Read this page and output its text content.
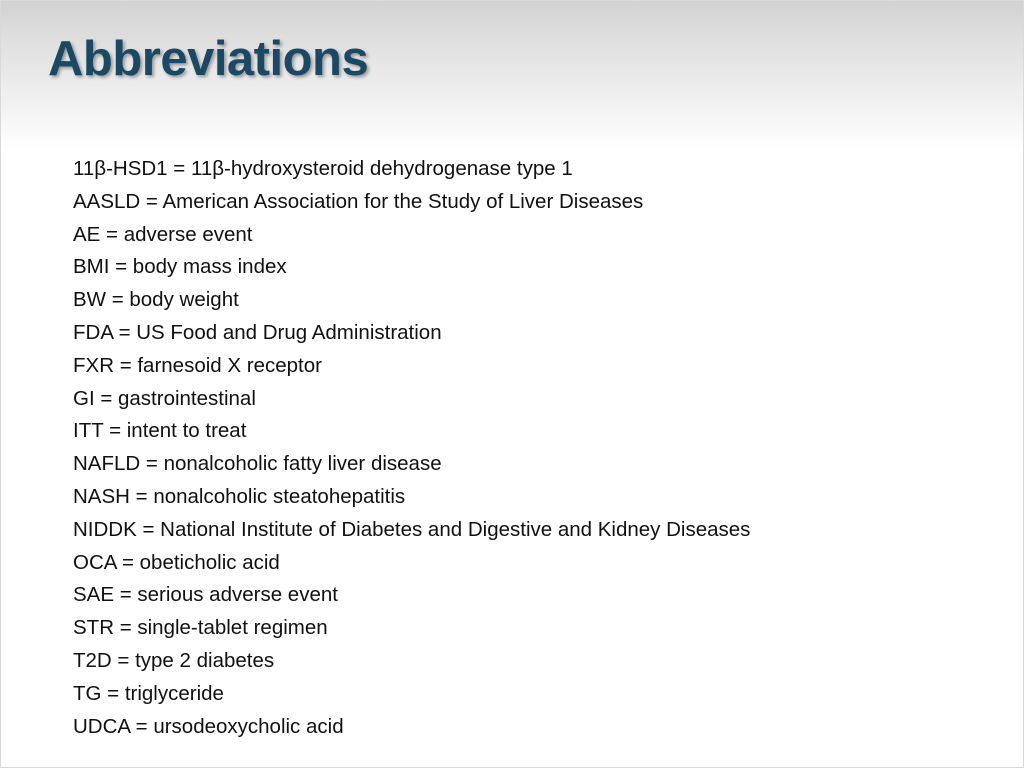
Abbreviations
11β-HSD1 = 11β-hydroxysteroid dehydrogenase type 1
AASLD = American Association for the Study of Liver Diseases
AE = adverse event
BMI = body mass index
BW = body weight
FDA = US Food and Drug Administration
FXR = farnesoid X receptor
GI = gastrointestinal
ITT = intent to treat
NAFLD = nonalcoholic fatty liver disease
NASH = nonalcoholic steatohepatitis
NIDDK = National Institute of Diabetes and Digestive and Kidney Diseases
OCA = obeticholic acid
SAE = serious adverse event
STR = single-tablet regimen
T2D = type 2 diabetes
TG = triglyceride
UDCA = ursodeoxycholic acid
